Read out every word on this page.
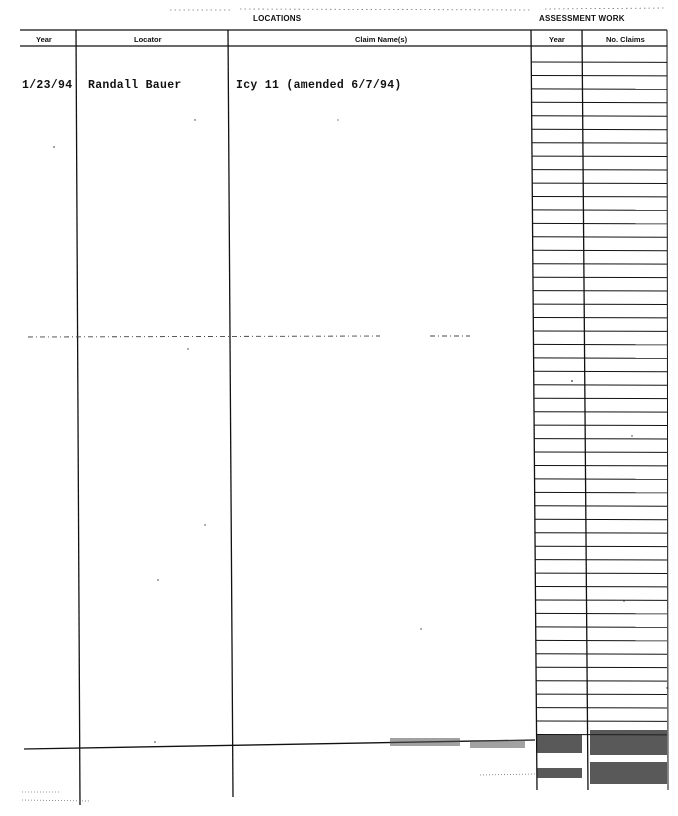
LOCATIONS	ASSESSMENT WORK
Year	Locator	Claim Name(s)	Year	No. Claims
1/23/94 Randall Bauer	Icy 11 (amended 6/7/94)
